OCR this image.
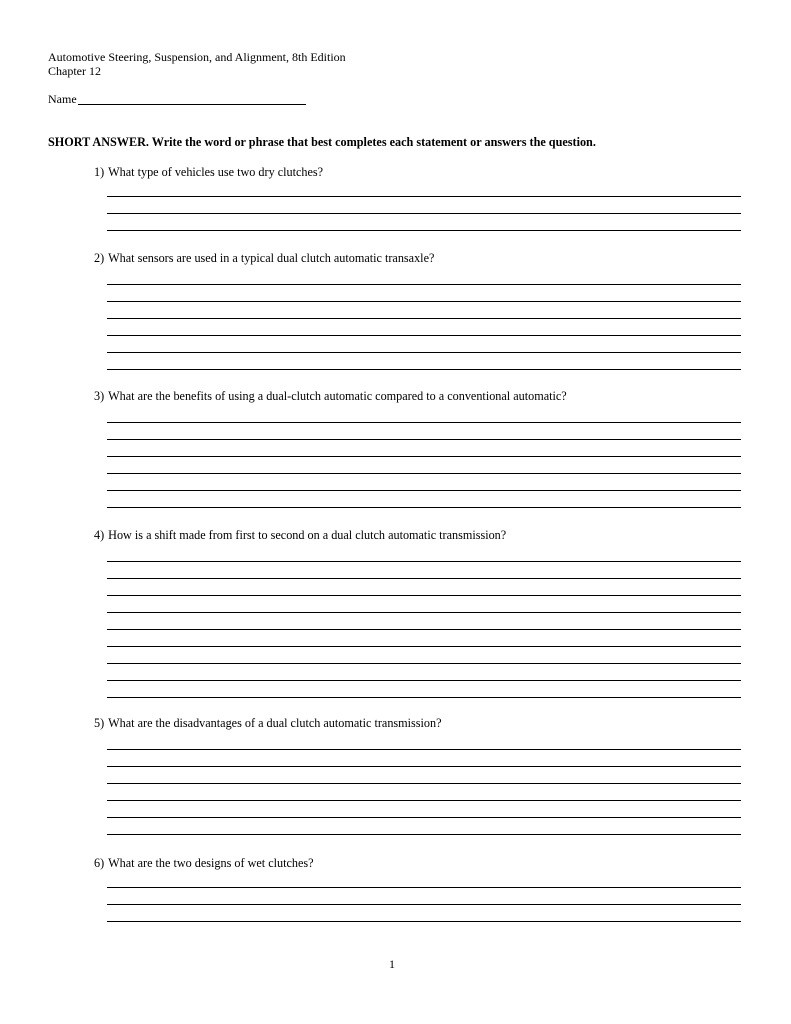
Automotive Steering, Suspension, and Alignment, 8th Edition
Chapter 12
Name
SHORT ANSWER. Write the word or phrase that best completes each statement or answers the question.
1) What type of vehicles use two dry clutches?
2) What sensors are used in a typical dual clutch automatic transaxle?
3) What are the benefits of using a dual-clutch automatic compared to a conventional automatic?
4) How is a shift made from first to second on a dual clutch automatic transmission?
5) What are the disadvantages of a dual clutch automatic transmission?
6) What are the two designs of wet clutches?
1
